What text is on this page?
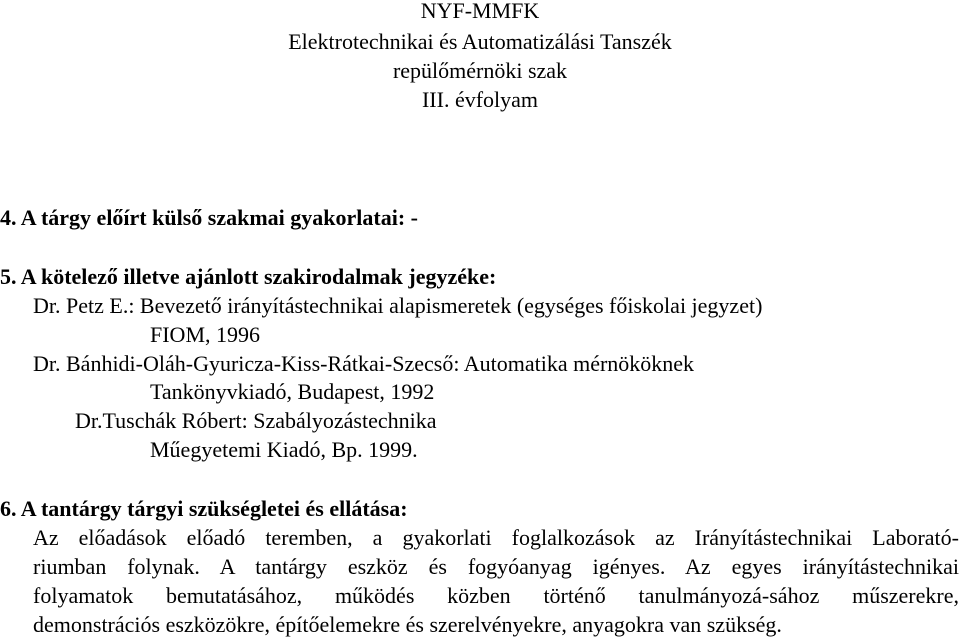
NYF-MMFK
Elektrotechnikai és Automatizálási Tanszék
repülőmérnöki szak
III. évfolyam
4. A tárgy előírt külső szakmai gyakorlatai: -
5. A kötelező illetve ajánlott szakirodalmak jegyzéke:
Dr. Petz E.: Bevezető irányítástechnikai alapismeretek (egységes főiskolai jegyzet)
FIOM, 1996
Dr. Bánhidi-Oláh-Gyuricza-Kiss-Rátkai-Szecső: Automatika mérnököknek
Tankönyvkiadó, Budapest, 1992
Dr.Tuschák Róbert: Szabályozástechnika
Műegyetemi Kiadó, Bp. 1999.
6. A tantárgy tárgyi szükségletei és ellátása:
Az előadások előadó teremben, a gyakorlati foglalkozások az Irányítástechnikai Laborató-
riumban folynak. A tantárgy eszköz és fogyóanyag igényes. Az egyes irányítástechnikai
folyamatok bemutatásához, működés közben történő tanulmányozá-sához műszerekre,
demonstrációs eszközökre, építőelemekre és szerelvényekre, anyagokra van szükség.
